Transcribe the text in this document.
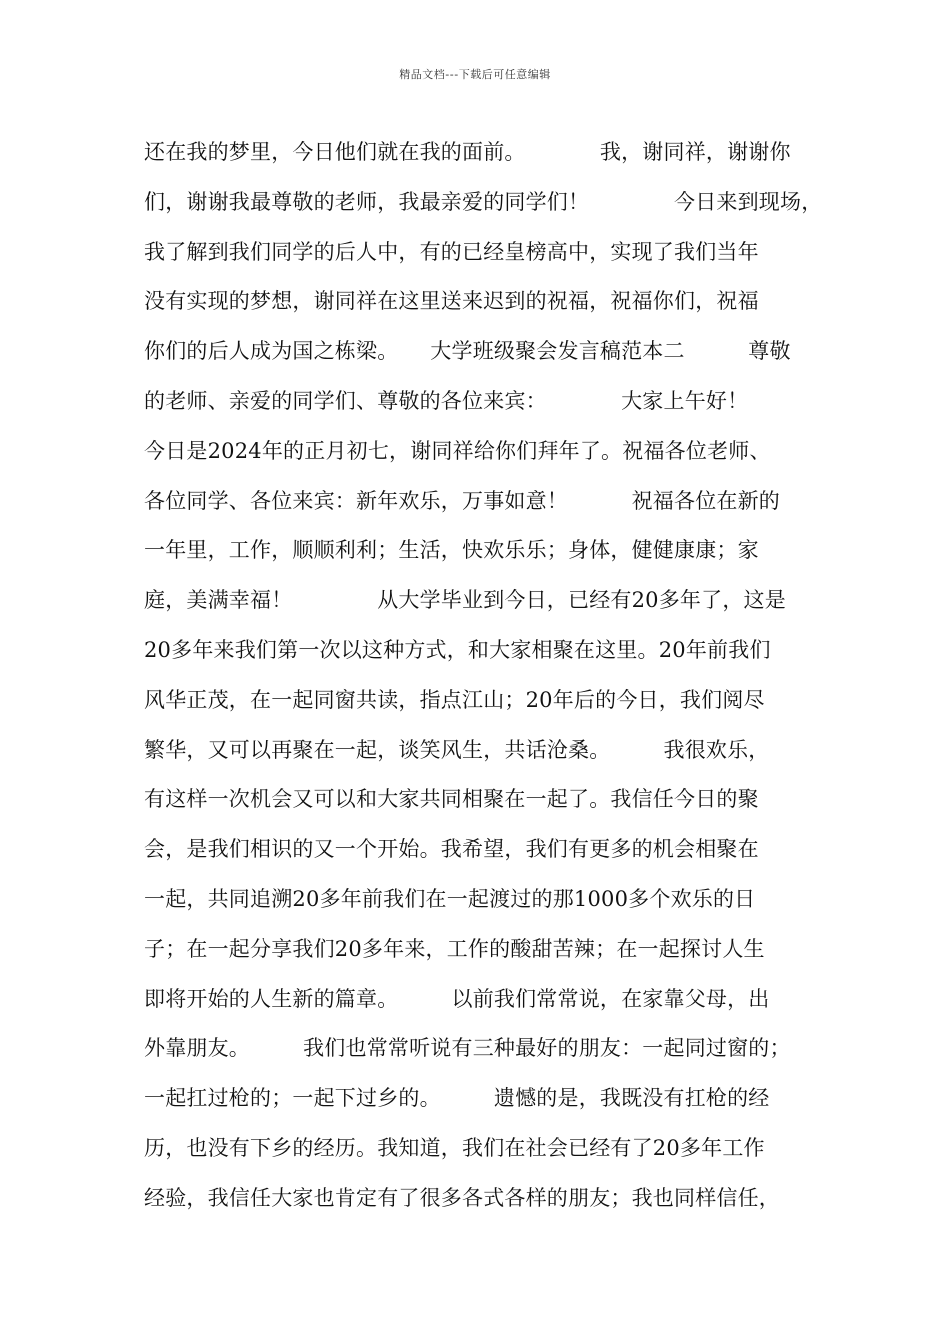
精品文档---下载后可任意编辑
还在我的梦里，今日他们就在我的面前。　　　　我，谢同祥，谢谢你
们，谢谢我最尊敬的老师，我最亲爱的同学们！　　　　今日来到现场，
我了解到我们同学的后人中，有的已经皇榜高中，实现了我们当年
没有实现的梦想，谢同祥在这里送来迟到的祝福，祝福你们，祝福
你们的后人成为国之栋梁。　　大学班级聚会发言稿范本二　　　尊敬
的老师、亲爱的同学们、尊敬的各位来宾：　　　　大家上午好！
今日是2024年的正月初七，谢同祥给你们拜年了。祝福各位老师、
各位同学、各位来宾：新年欢乐，万事如意！　　　祝福各位在新的
一年里，工作，顺顺利利；生活，快欢乐乐；身体，健健康康；家
庭，美满幸福！　　　　从大学毕业到今日，已经有20多年了，这是
20多年来我们第一次以这种方式，和大家相聚在这里。20年前我们
风华正茂，在一起同窗共读，指点江山；20年后的今日，我们阅尽
繁华，又可以再聚在一起，谈笑风生，共话沧桑。　　　我很欢乐，
有这样一次机会又可以和大家共同相聚在一起了。我信任今日的聚
会，是我们相识的又一个开始。我希望，我们有更多的机会相聚在
一起，共同追溯20多年前我们在一起渡过的那1000多个欢乐的日
子；在一起分享我们20多年来，工作的酸甜苦辣；在一起探讨人生
即将开始的人生新的篇章。　　　以前我们常常说，在家靠父母，出
外靠朋友。　　　我们也常常听说有三种最好的朋友：一起同过窗的；
一起扛过枪的；一起下过乡的。　　　遗憾的是，我既没有扛枪的经
历，也没有下乡的经历。我知道，我们在社会已经有了20多年工作
经验，我信任大家也肯定有了很多各式各样的朋友；我也同样信任，
